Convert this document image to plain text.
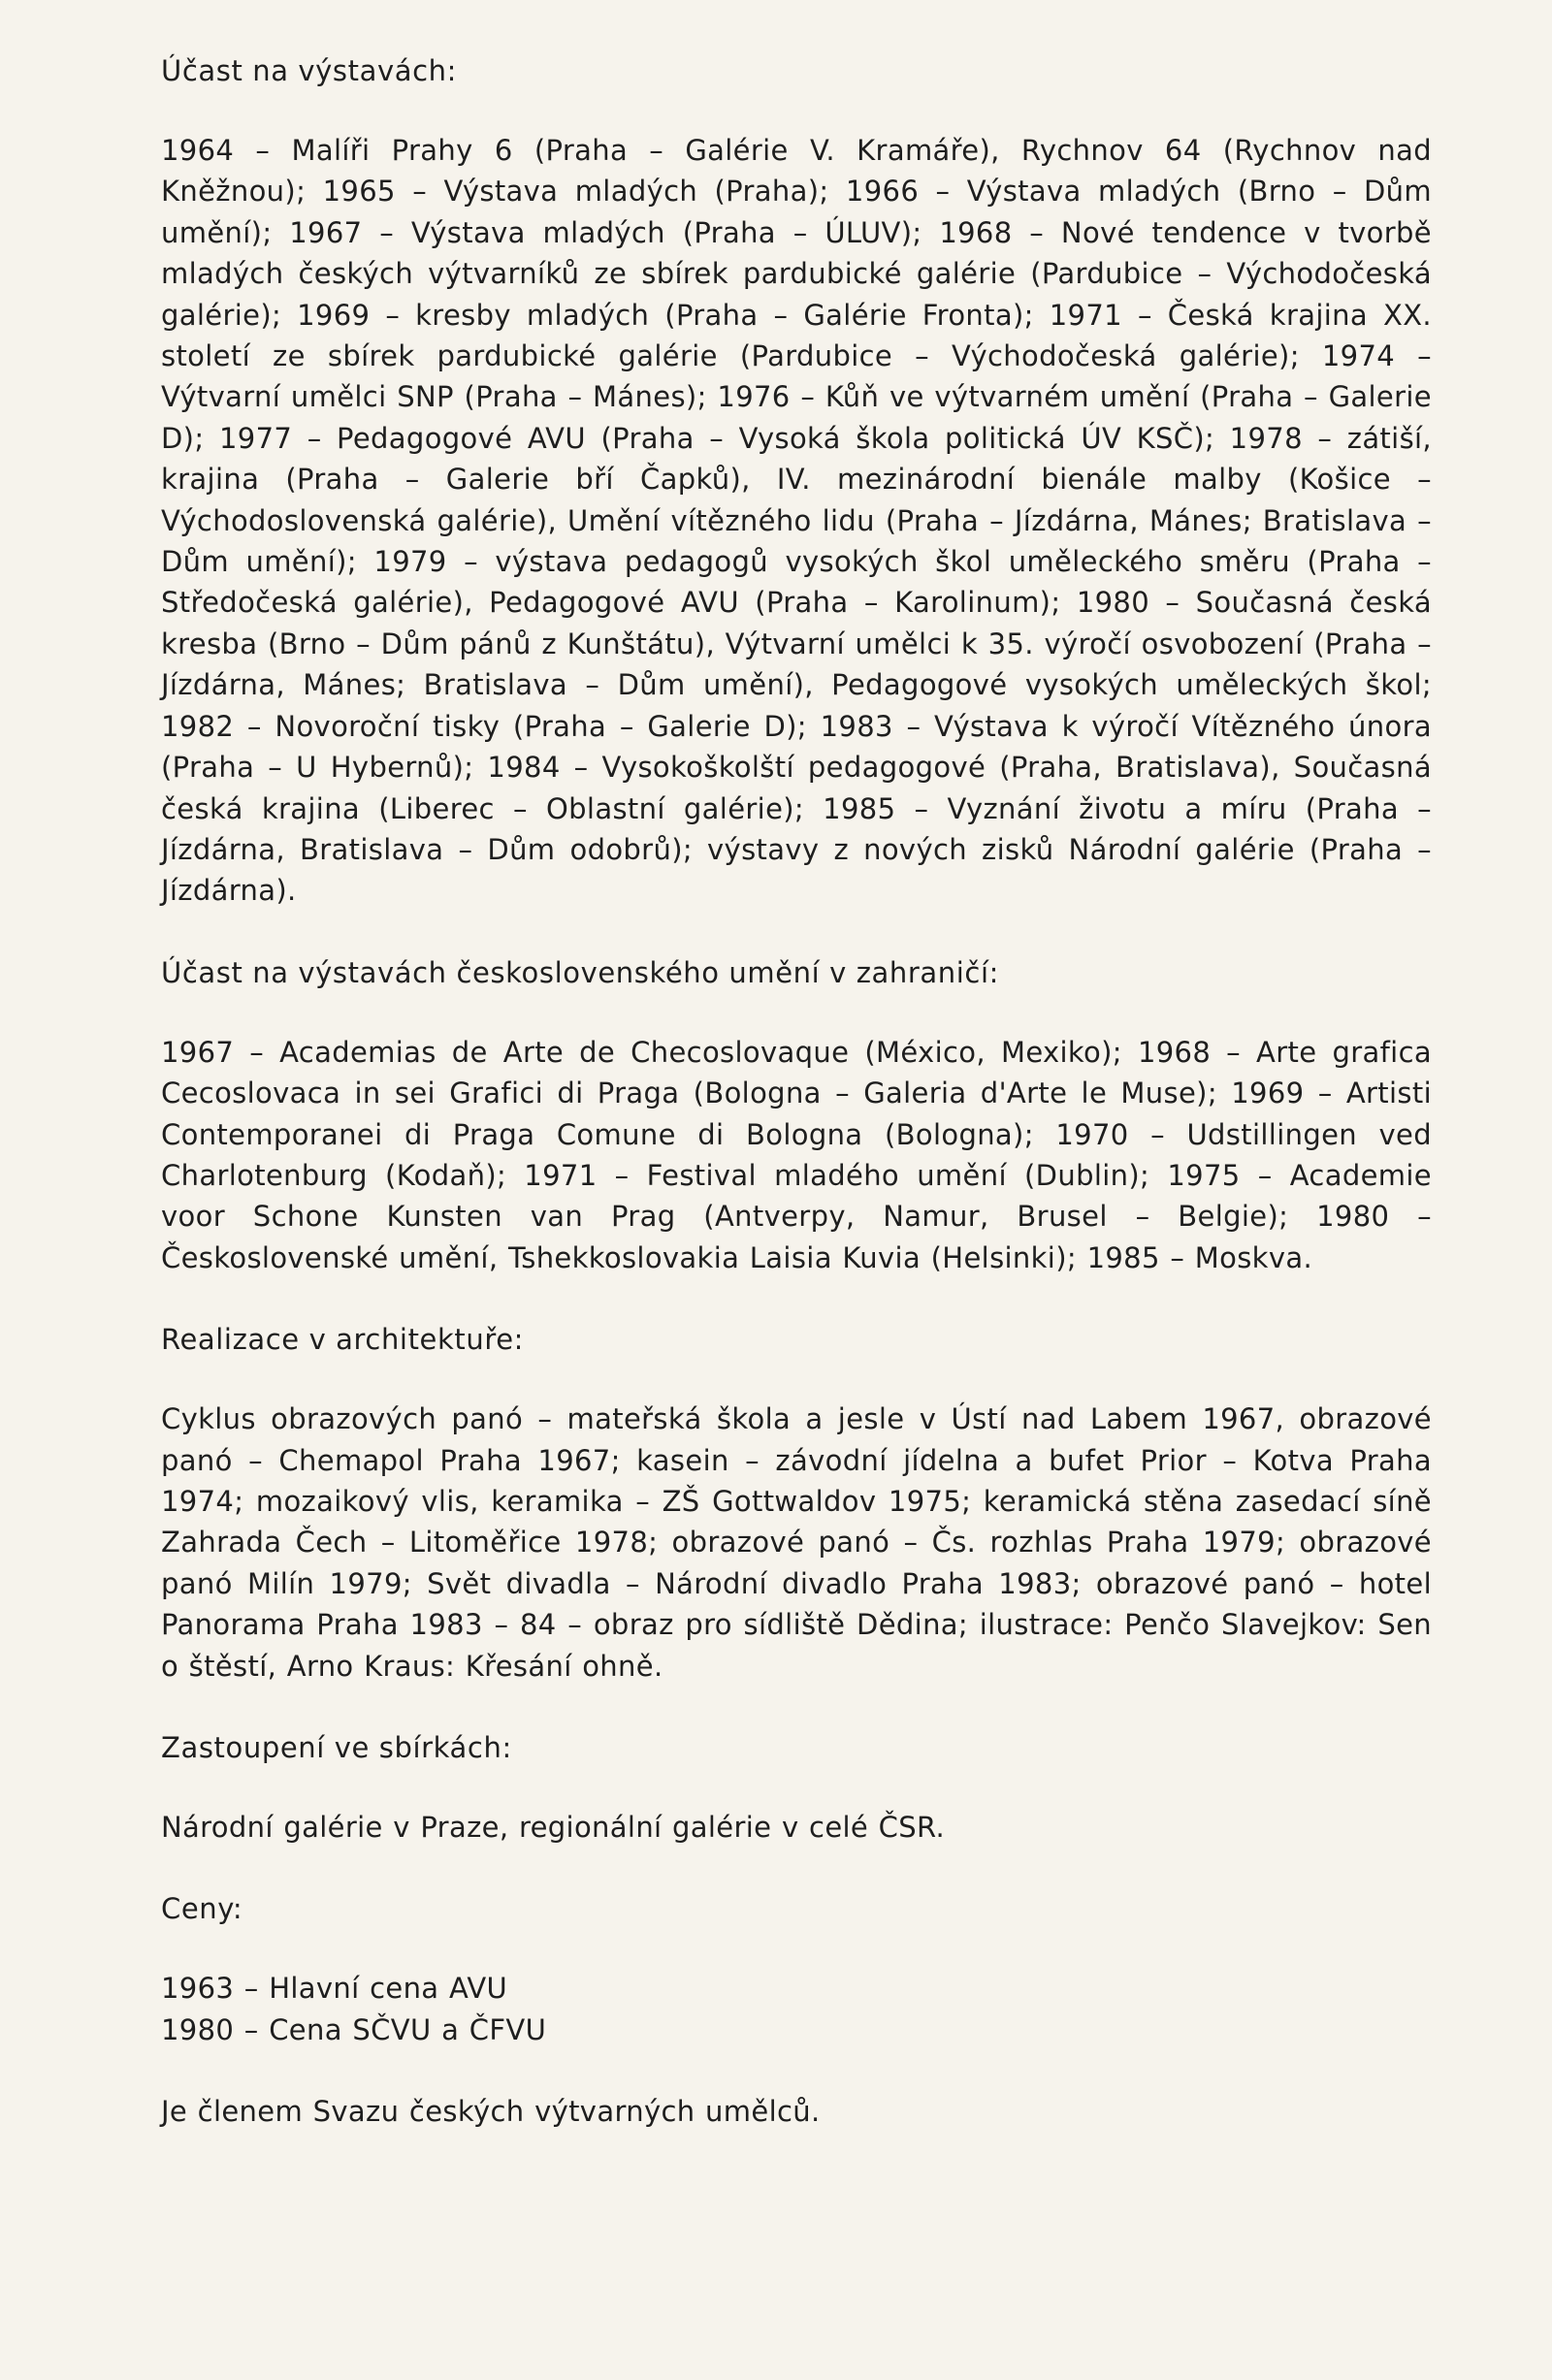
Účast na výstavách:

1964 – Malíři Prahy 6 (Praha – Galérie V. Kramáře), Rychnov 64 (Rychnov nad Kněžnou); 1965 – Výstava mladých (Praha); 1966 – Výstava mladých (Brno – Dům umění); 1967 – Výstava mladých (Praha – ÚLUV); 1968 – Nové tendence v tvorbě mladých českých výtvarníků ze sbírek pardubické galérie (Pardubice – Východočeská galérie); 1969 – kresby mladých (Praha – Galérie Fronta); 1971 – Česká krajina XX. století ze sbírek pardubické galérie (Pardubice – Východočeská galérie); 1974 – Výtvarní umělci SNP (Praha – Mánes); 1976 – Kůň ve výtvarném umění (Praha – Galerie D); 1977 – Pedagogové AVU (Praha – Vysoká škola politická ÚV KSČ); 1978 – zátiší, krajina (Praha – Galerie bří Čapků), IV. mezinárodní bienále malby (Košice – Východoslovenská galérie), Umění vítězného lidu (Praha – Jízdárna, Mánes; Bratislava – Dům umění); 1979 – výstava pedagogů vysokých škol uměleckého směru (Praha – Středočeská galérie), Pedagogové AVU (Praha – Karolinum); 1980 – Současná česká kresba (Brno – Dům pánů z Kunštátu), Výtvarní umělci k 35. výročí osvobození (Praha – Jízdárna, Mánes; Bratislava – Dům umění), Pedagogové vysokých uměleckých škol; 1982 – Novoroční tisky (Praha – Galerie D); 1983 – Výstava k výročí Vítězného února (Praha – U Hybernů); 1984 – Vysokoškolští pedagogové (Praha, Bratislava), Současná česká krajina (Liberec – Oblastní galérie); 1985 – Vyznání životu a míru (Praha – Jízdárna, Bratislava – Dům odobrů); výstavy z nových zisků Národní galérie (Praha – Jízdárna).

Účast na výstavách československého umění v zahraničí:

1967 – Academias de Arte de Checoslovaque (México, Mexiko); 1968 – Arte grafica Cecoslovaca in sei Grafici di Praga (Bologna – Galeria d'Arte le Muse); 1969 – Artisti Contemporanei di Praga Comune di Bologna (Bologna); 1970 – Udstillingen ved Charlotenburg (Kodaň); 1971 – Festival mladého umění (Dublin); 1975 – Academie voor Schone Kunsten van Prag (Antverpy, Namur, Brusel – Belgie); 1980 – Československé umění, Tshekkoslovakia Laisia Kuvia (Helsinki); 1985 – Moskva.

Realizace v architektuře:

Cyklus obrazových panó – mateřská škola a jesle v Ústí nad Labem 1967, obrazové panó – Chemapol Praha 1967; kasein – závodní jídelna a bufet Prior – Kotva Praha 1974; mozaikový vlis, keramika – ZŠ Gottwaldov 1975; keramická stěna zasedací síně Zahrada Čech – Litoměřice 1978; obrazové panó – Čs. rozhlas Praha 1979; obrazové panó Milín 1979; Svět divadla – Národní divadlo Praha 1983; obrazové panó – hotel Panorama Praha 1983 – 84 – obraz pro sídliště Dědina; ilustrace: Penčo Slavejkov: Sen o štěstí, Arno Kraus: Křesání ohně.

Zastoupení ve sbírkách:

Národní galérie v Praze, regionální galérie v celé ČSR.

Ceny:

1963 – Hlavní cena AVU
1980 – Cena SČVU a ČFVU

Je členem Svazu českých výtvarných umělců.
